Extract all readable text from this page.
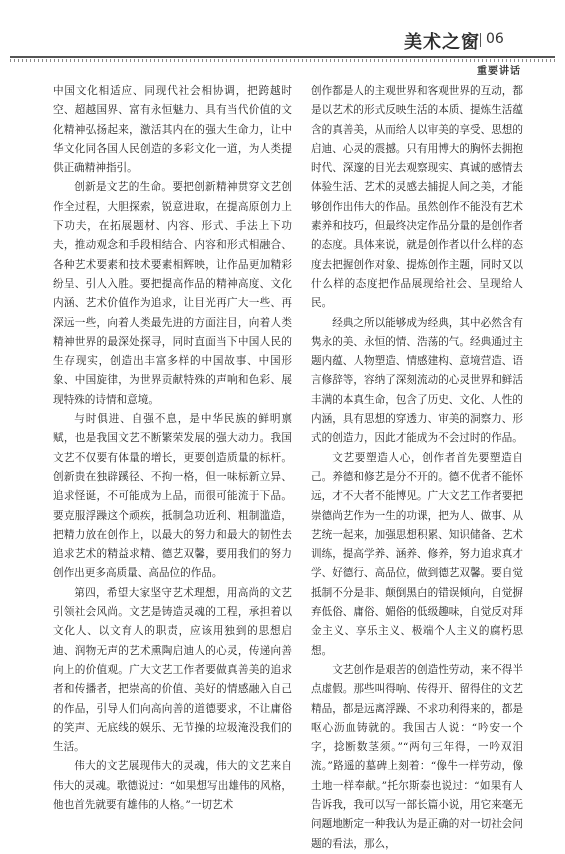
美术之窗 06
重要讲话

中国文化相适应、同现代社会相协调，把跨越时空、超越国界、富有永恒魅力、具有当代价值的文化精神弘扬起来，激活其内在的强大生命力，让中华文化同各国人民创造的多彩文化一道，为人类提供正确精神指引。

创新是文艺的生命。要把创新精神贯穿文艺创作全过程，大胆探索，锐意进取，在提高原创力上下功夫，在拓展题材、内容、形式、手法上下功夫，推动观念和手段相结合、内容和形式相融合、各种艺术要素和技术要素相辉映，让作品更加精彩纷呈、引人入胜。要把提高作品的精神高度、文化内涵、艺术价值作为追求，让目光再广大一些、再深远一些，向着人类最先进的方面注目，向着人类精神世界的最深处探寻，同时直面当下中国人民的生存现实，创造出丰富多样的中国故事、中国形象、中国旋律，为世界贡献特殊的声响和色彩、展现特殊的诗情和意境。

与时俱进、自强不息，是中华民族的鲜明禀赋，也是我国文艺不断繁荣发展的强大动力。我国文艺不仅要有体量的增长，更要创造质量的标杆。创新贵在独辟蹊径、不拘一格，但一味标新立异、追求怪诞，不可能成为上品，而很可能流于下品。要克服浮躁这个顽疾，抵制急功近利、粗制滥造，把精力放在创作上，以最大的努力和最大的韧性去追求艺术的精益求精、德艺双馨，要用我们的努力创作出更多高质量、高品位的作品。

第四，希望大家坚守艺术理想，用高尚的文艺引领社会风尚。文艺是铸造灵魂的工程，承担着以文化人、以文育人的职责，应该用独到的思想启迪、润物无声的艺术熏陶启迪人的心灵，传递向善向上的价值观。广大文艺工作者要做真善美的追求者和传播者，把崇高的价值、美好的情感融入自己的作品，引导人们向高向善的道德要求，不让庸俗的笑声、无底线的娱乐、无节操的垃圾淹没我们的生活。

伟大的文艺展现伟大的灵魂，伟大的文艺来自伟大的灵魂。歌德说过：“如果想写出雄伟的风格，他也首先就要有雄伟的人格。”一切艺术

创作都是人的主观世界和客观世界的互动，都是以艺术的形式反映生活的本质、提炼生活蕴含的真善美，从而给人以审美的享受、思想的启迪、心灵的震撼。只有用博大的胸怀去拥抱时代、深邃的目光去观察现实、真诚的感情去体验生活、艺术的灵感去捕捉人间之美，才能够创作出伟大的作品。虽然创作不能没有艺术素养和技巧，但最终决定作品分量的是创作者的态度。具体来说，就是创作者以什么样的态度去把握创作对象、提炼创作主题，同时又以什么样的态度把作品展现给社会、呈现给人民。

经典之所以能够成为经典，其中必然含有隽永的美、永恒的情、浩荡的气。经典通过主题内蕴、人物塑造、情感建构、意境营造、语言修辞等，容纳了深刻流动的心灵世界和鲜活丰满的本真生命，包含了历史、文化、人性的内涵，具有思想的穿透力、审美的洞察力、形式的创造力，因此才能成为不会过时的作品。

文艺要塑造人心，创作者首先要塑造自己。养德和修艺是分不开的。德不优者不能怀远，才不大者不能博见。广大文艺工作者要把崇德尚艺作为一生的功课，把为人、做事、从艺统一起来，加强思想积累、知识储备、艺术训练，提高学养、涵养、修养，努力追求真才学、好德行、高品位，做到德艺双馨。要自觉抵制不分是非、颠倒黑白的错误倾向，自觉摒弃低俗、庸俗、媚俗的低级趣味，自觉反对拜金主义、享乐主义、极端个人主义的腐朽思想。

文艺创作是艰苦的创造性劳动，来不得半点虚假。那些叫得响、传得开、留得住的文艺精品，都是远离浮躁、不求功利得来的，都是呕心沥血铸就的。我国古人说：“吟安一个字，捻断数茎须。”“两句三年得，一吟双泪流。”路遥的墓碑上刻着：“像牛一样劳动，像土地一样奉献。”托尔斯泰也说过：“如果有人告诉我，我可以写一部长篇小说，用它来毫无问题地断定一种我认为是正确的对一切社会问题的看法，那么，
